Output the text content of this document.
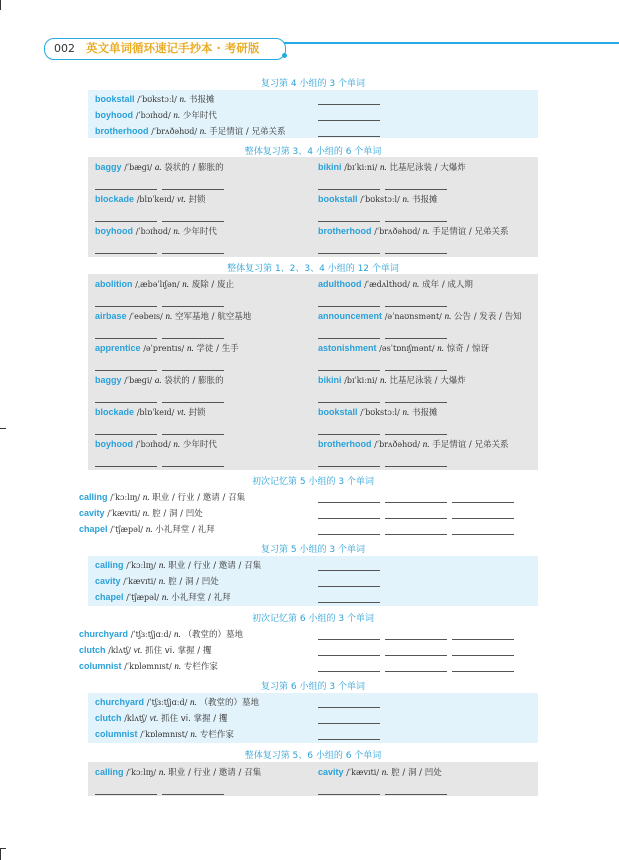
002 英文单词循环速记手抄本 · 考研版
复习第 4 小组的 3 个单词
bookstall /ˈbʊkstɔːl/ n. 书报摊
boyhood /ˈbɔɪhʊd/ n. 少年时代
brotherhood /ˈbrʌðəhʊd/ n. 手足情谊 / 兄弟关系
整体复习第 3、4 小组的 6 个单词
baggy /ˈbæɡi/ a. 袋状的 / 膨胀的	bikini /bɪˈkiːni/ n. 比基尼泳装 / 大爆炸
blockade /blɒˈkeɪd/ vt. 封锁	bookstall /ˈbʊkstɔːl/ n. 书报摊
boyhood /ˈbɔɪhʊd/ n. 少年时代	brotherhood /ˈbrʌðəhʊd/ n. 手足情谊 / 兄弟关系
整体复习第 1、2、3、4 小组的 12 个单词
abolition /ˌæbəˈlɪʃən/ n. 废除 / 废止	adulthood /ˈædʌlthʊd/ n. 成年 / 成人期
airbase /ˈeəbeɪs/ n. 空军基地 / 航空基地	announcement /əˈnaʊnsmənt/ n. 公告 / 发表 / 告知
apprentice /əˈprentɪs/ n. 学徒 / 生手	astonishment /əsˈtɒnɪʃmənt/ n. 惊奇 / 惊讶
baggy /ˈbæɡi/ a. 袋状的 / 膨胀的	bikini /bɪˈkiːni/ n. 比基尼泳装 / 大爆炸
blockade /blɒˈkeɪd/ vt. 封锁	bookstall /ˈbʊkstɔːl/ n. 书报摊
boyhood /ˈbɔɪhʊd/ n. 少年时代	brotherhood /ˈbrʌðəhʊd/ n. 手足情谊 / 兄弟关系
初次记忆第 5 小组的 3 个单词
calling /ˈkɔːlɪŋ/ n. 职业 / 行业 / 邀请 / 召集
cavity /ˈkævɪti/ n. 腔 / 洞 / 凹处
chapel /ˈtʃæpəl/ n. 小礼拜堂 / 礼拜
复习第 5 小组的 3 个单词
calling /ˈkɔːlɪŋ/ n. 职业 / 行业 / 邀请 / 召集
cavity /ˈkævɪti/ n. 腔 / 洞 / 凹处
chapel /ˈtʃæpəl/ n. 小礼拜堂 / 礼拜
初次记忆第 6 小组的 3 个单词
churchyard /ˈtʃɜːtʃjɑːd/ n. （教堂的）墓地
clutch /klʌtʃ/ vt. 抓住 vi. 掌握 / 攫
columnist /ˈkɒləmnɪst/ n. 专栏作家
复习第 6 小组的 3 个单词
churchyard /ˈtʃɜːtʃjɑːd/ n. （教堂的）墓地
clutch /klʌtʃ/ vt. 抓住 vi. 掌握 / 攫
columnist /ˈkɒləmnɪst/ n. 专栏作家
整体复习第 5、6 小组的 6 个单词
calling /ˈkɔːlɪŋ/ n. 职业 / 行业 / 邀请 / 召集	cavity /ˈkævɪti/ n. 腔 / 洞 / 凹处
